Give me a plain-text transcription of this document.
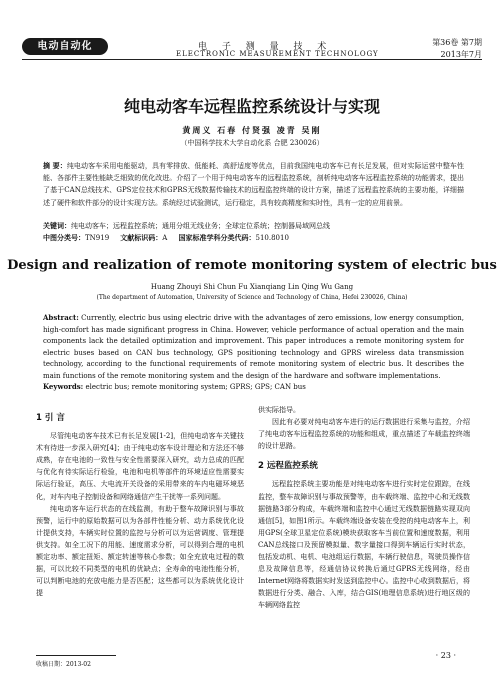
电动自动化	电 子 测 量 技 术
ELECTRONIC MEASUREMENT TECHNOLOGY
第36卷 第7期
2013年7月
纯电动客车远程监控系统设计与实现
黄周义 石春 付贤强 凌青 吴刚
（中国科学技术大学自动化系 合肥 230026）
摘 要：纯电动客车采用电能驱动，具有零排放、低能耗、高舒适度等优点，目前我国纯电动客车已有长足发展，但对实际运营中整车性能、各部件主要性能缺乏细致的优化改进。介绍了一个用于纯电动客车的远程监控系统，剖析纯电动客车远程监控系统的功能需求，提出了基于CAN总线技术、GPS定位技术和GPRS无线数据传输技术的远程监控终端的设计方案，描述了远程监控系统的主要功能，详细描述了硬件和软件部分的设计实现方法。系统经过试验测试，运行稳定，具有较高精度和实时性，具有一定的应用前景。
关键词：纯电动客车；远程监控系统；通用分组无线业务；全球定位系统；控制器局域网总线
中图分类号：TN919 文献标识码：A 国家标准学科分类代码：510.8010
Design and realization of remote monitoring system of electric bus
Huang Zhouyi Shi Chun Fu Xianqiang Lin Qing Wu Gang
(The department of Automation, University of Science and Technology of China, Hefei 230026, China)
Abstract: Currently, electric bus using electric drive with the advantages of zero emissions, low energy consumption, high-comfort has made significant progress in China. However, vehicle performance of actual operation and the main components lack the detailed optimization and improvement. This paper introduces a remote monitoring system for electric buses based on CAN bus technology, GPS positioning technology and GPRS wireless data transmission technology, according to the functional requirements of remote monitoring system of electric bus. It describes the main functions of the remote monitoring system and the design of the hardware and software implementations.
Keywords: electric bus; remote monitoring system; GPRS; GPS; CAN bus
1 引 言

尽管纯电动客车技术已有长足发展[1-2]，但纯电动客车关键技术有待进一步深入研究[4]；由于纯电动客车设计理论和方法还不够成熟，存在电池的一致性与安全性需要深入研究，动力总成的匹配与优化有待实际运行检验，电池和电机等部件的环境适应性需要实际运行验证，高压、大电流开关设备的采用带来的车内电磁环境恶化，对车内电子控制设备和网络通信产生干扰等一系列问题。

纯电动客车运行状态的在线监测，有助于整车故障识别与事故预警，运行中的原始数据可以为各部件性能分析、动力系统优化设计提供支持，车辆实时位置的监控与分析可以为运营调度、管理提供支持。如全工况下的用能、速度需求分析，可以得到合理的电机额定功率、额定扭矩、额定转速等核心参数；如全充放电过程的数据，可以比较不同类型的电机的优缺点；全寿命的电池性能分析，可以判断电池的充放电能力是否匹配；这些都可以为系统优化设计提

供实际指导。

因此有必要对纯电动客车进行的运行数据进行采集与监控，介绍了纯电动客车远程监控系统的功能和组成，重点描述了车载监控终端的设计思路。

2 远程监控系统

远程监控系统主要功能是对纯电动客车进行实时定位跟踪，在线监控，整车故障识别与事故预警等，由车载终端、监控中心和无线数据链路3部分构成，车载终端和监控中心通过无线数据链路实现双向通信[5]，如图1所示。车载终端设备安装在受控的纯电动客车上，利用GPS(全球卫星定位系统)模块获取客车当前位置和速度数据，利用CAN总线接口及预留模拟量、数字量接口得到车辆运行实时状态，包括发动机、电机、电池组运行数据，车辆行驶信息，驾驶员操作信息及故障信息等，经通信协议转换后通过GPRS无线网络，经由Internet网络将数据实时发送到监控中心。监控中心收到数据后，将数据进行分类、融合、入库，结合GIS(地理信息系统)进行地区级的车辆网络监控

收稿日期：2013-02
· 23 ·
